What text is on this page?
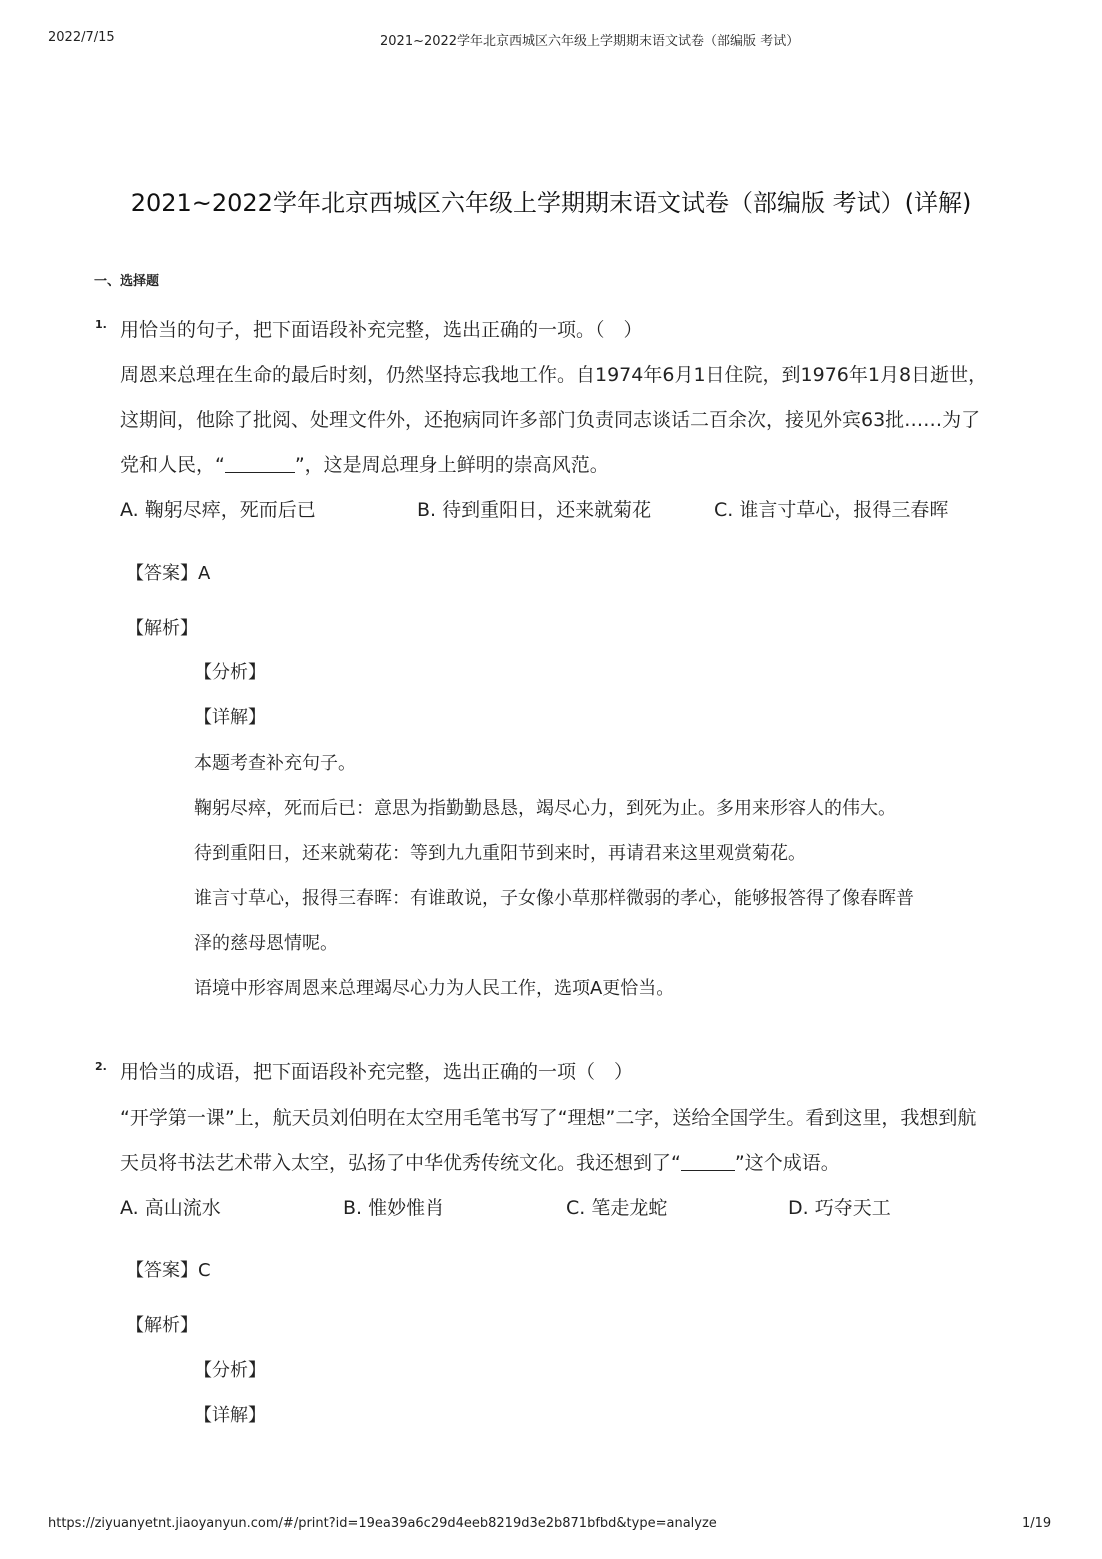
2022/7/15	2021~2022学年北京西城区六年级上学期期末语文试卷（部编版 考试）
2021~2022学年北京西城区六年级上学期期末语文试卷（部编版 考试）(详解)
一、选择题
1. 用恰当的句子，把下面语段补充完整，选出正确的一项。（　）
周恩来总理在生命的最后时刻，仍然坚持忘我地工作。自1974年6月1日住院，到1976年1月8日逝世，
这期间，他除了批阅、处理文件外，还抱病同许多部门负责同志谈话二百余次，接见外宾63批……为了
党和人民，“	”，这是周总理身上鲜明的崇高风范。
A. 鞠躬尽瘁，死而后已	B. 待到重阳日，还来就菊花	C. 谁言寸草心，报得三春晖
【答案】A
【解析】
【分析】
【详解】
本题考查补充句子。
鞠躬尽瘁，死而后已：意思为指勤勤恳恳，竭尽心力，到死为止。多用来形容人的伟大。
待到重阳日，还来就菊花：等到九九重阳节到来时，再请君来这里观赏菊花。
谁言寸草心，报得三春晖：有谁敢说，子女像小草那样微弱的孝心，能够报答得了像春晖普
泽的慈母恩情呢。
语境中形容周恩来总理竭尽心力为人民工作，选项A更恰当。
2. 用恰当的成语，把下面语段补充完整，选出正确的一项（　）
“开学第一课”上，航天员刘伯明在太空用毛笔书写了“理想”二字，送给全国学生。看到这里，我想到航
天员将书法艺术带入太空，弘扬了中华优秀传统文化。我还想到了“	”这个成语。
A. 高山流水	B. 惟妙惟肖	C. 笔走龙蛇	D. 巧夺天工
【答案】C
【解析】
【分析】
【详解】
https://ziyuanyetnt.jiaoyanyun.com/#/print?id=19ea39a6c29d4eeb8219d3e2b871bfbd&type=analyze	1/19
